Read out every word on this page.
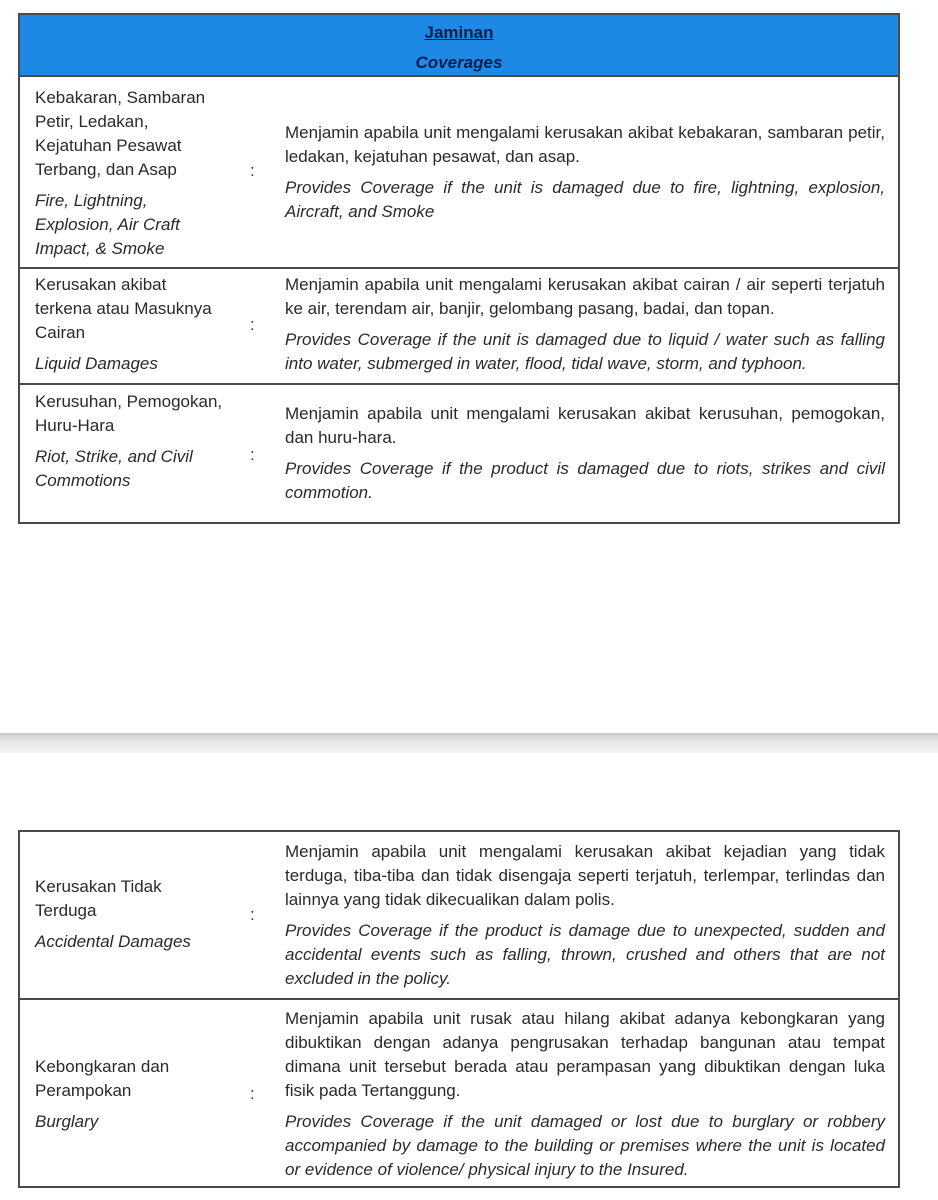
Jaminan
Coverages
Kebakaran, Sambaran Petir, Ledakan, Kejatuhan Pesawat Terbang, dan Asap
Fire, Lightning, Explosion, Air Craft Impact, & Smoke
:
Menjamin apabila unit mengalami kerusakan akibat kebakaran, sambaran petir, ledakan, kejatuhan pesawat, dan asap.
Provides Coverage if the unit is damaged due to fire, lightning, explosion, Aircraft, and Smoke
Kerusakan akibat terkena atau Masuknya Cairan
Liquid Damages
:
Menjamin apabila unit mengalami kerusakan akibat cairan / air seperti terjatuh ke air, terendam air, banjir, gelombang pasang, badai, dan topan.
Provides Coverage if the unit is damaged due to liquid / water such as falling into water, submerged in water, flood, tidal wave, storm, and typhoon.
Kerusuhan, Pemogokan, Huru-Hara
Riot, Strike, and Civil Commotions
:
Menjamin apabila unit mengalami kerusakan akibat kerusuhan, pemogokan, dan huru-hara.
Provides Coverage if the product is damaged due to riots, strikes and civil commotion.
Kerusakan Tidak Terduga
Accidental Damages
:
Menjamin apabila unit mengalami kerusakan akibat kejadian yang tidak terduga, tiba-tiba dan tidak disengaja seperti terjatuh, terlempar, terlindas dan lainnya yang tidak dikecualikan dalam polis.
Provides Coverage if the product is damage due to unexpected, sudden and accidental events such as falling, thrown, crushed and others that are not excluded in the policy.
Kebongkaran dan Perampokan
Burglary
:
Menjamin apabila unit rusak atau hilang akibat adanya kebongkaran yang dibuktikan dengan adanya pengrusakan terhadap bangunan atau tempat dimana unit tersebut berada atau perampasan yang dibuktikan dengan luka fisik pada Tertanggung.
Provides Coverage if the unit damaged or lost due to burglary or robbery accompanied by damage to the building or premises where the unit is located or evidence of violence/ physical injury to the Insured.
